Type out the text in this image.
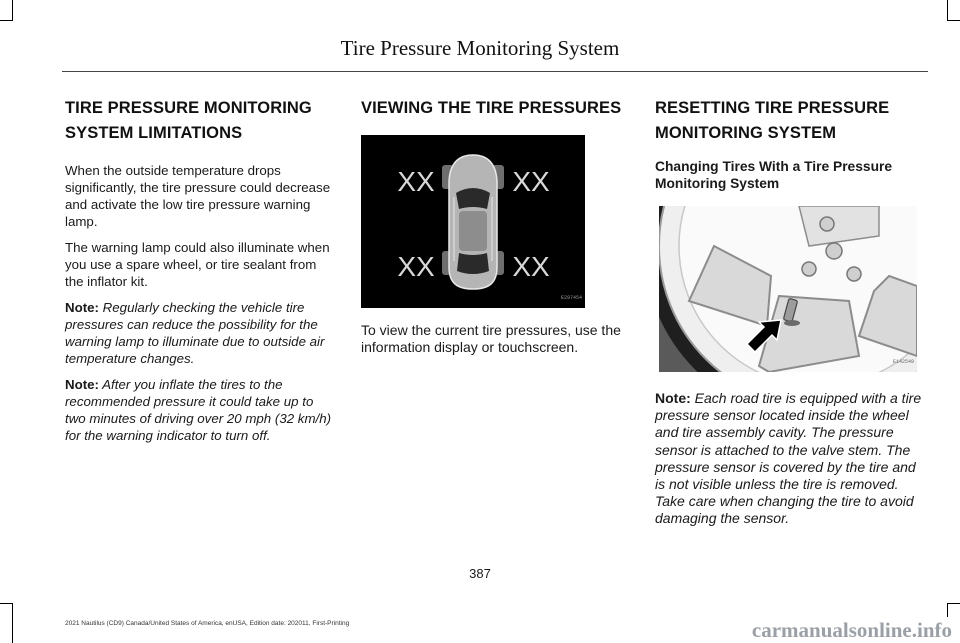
Tire Pressure Monitoring System
TIRE PRESSURE MONITORING
SYSTEM LIMITATIONS

When the outside temperature drops significantly, the tire pressure could decrease and activate the low tire pressure warning lamp.

The warning lamp could also illuminate when you use a spare wheel, or tire sealant from the inflator kit.

Note: Regularly checking the vehicle tire pressures can reduce the possibility for the warning lamp to illuminate due to outside air temperature changes.

Note: After you inflate the tires to the recommended pressure it could take up to two minutes of driving over 20 mph (32 km/h) for the warning indicator to turn off.

VIEWING THE TIRE PRESSURES
XX	XX
XX	XX
E297454

To view the current tire pressures, use the information display or touchscreen.

RESETTING TIRE PRESSURE
MONITORING SYSTEM
Changing Tires With a Tire Pressure Monitoring System
E142549

Note: Each road tire is equipped with a tire pressure sensor located inside the wheel and tire assembly cavity. The pressure sensor is attached to the valve stem. The pressure sensor is covered by the tire and is not visible unless the tire is removed. Take care when changing the tire to avoid damaging the sensor.

387
2021 Nautilus (CD9) Canada/United States of America, enUSA, Edition date: 202011, First-Printing	carmanualsonline.info
